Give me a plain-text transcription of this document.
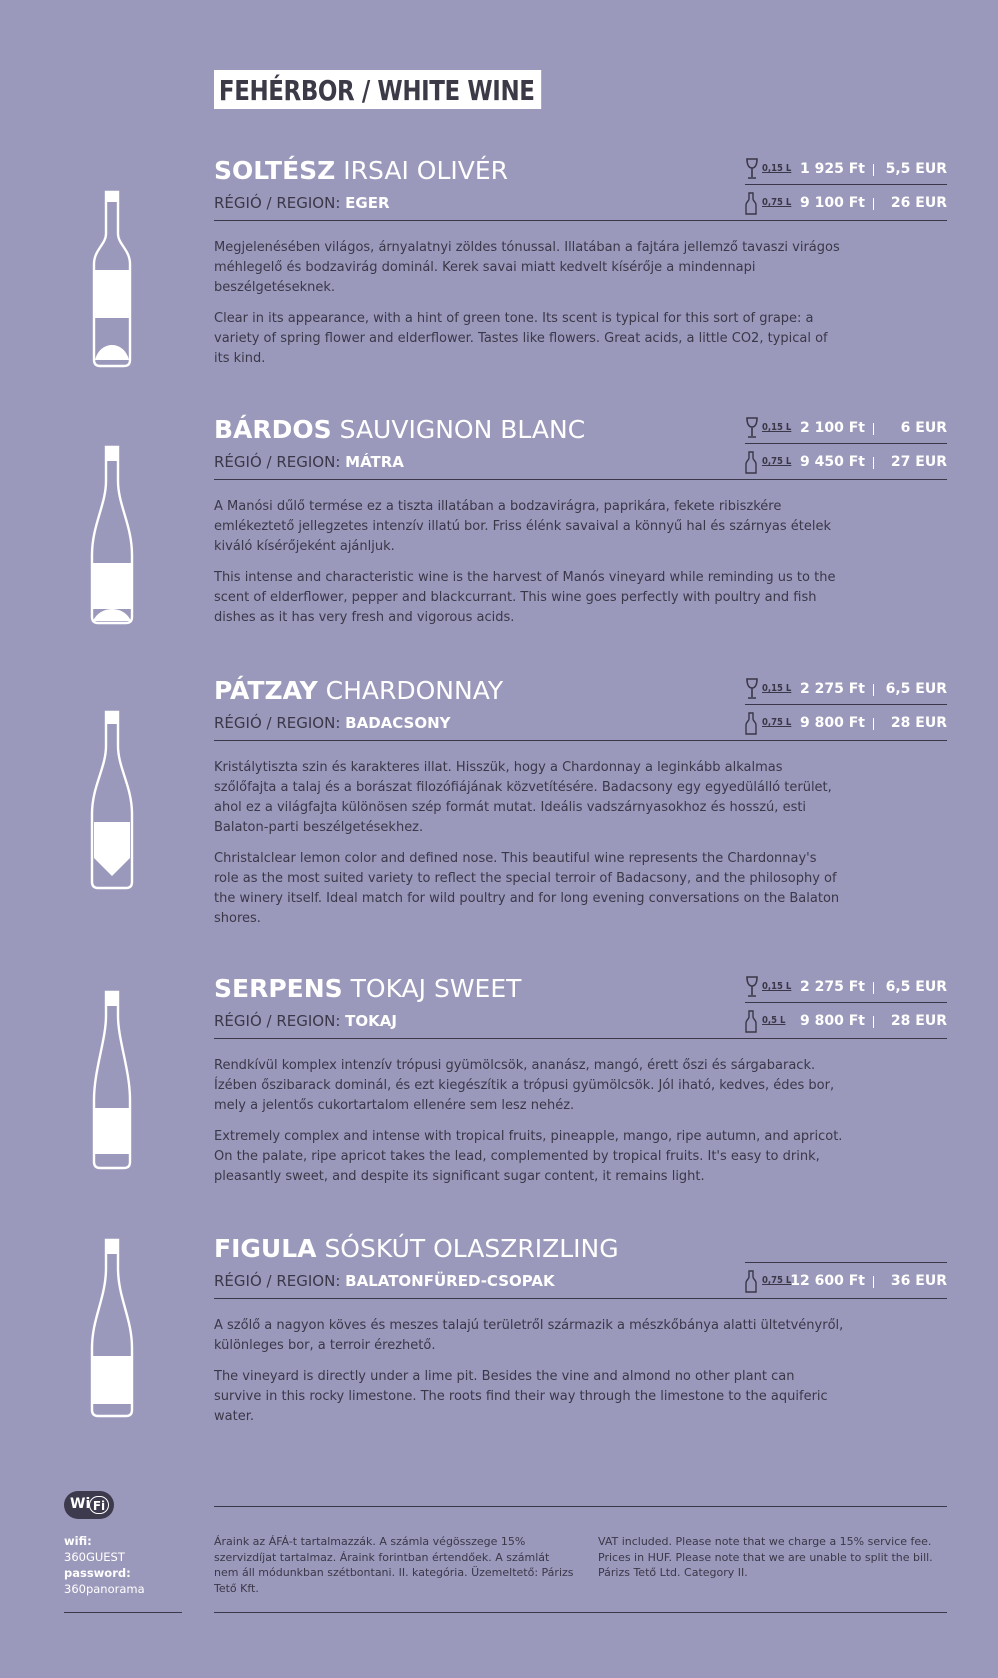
FEHÉRBOR / WHITE WINE
SOLTÉSZ IRSAI OLIVÉR
RÉGIÓ / REGION: EGER
0,15 L 1 925 Ft 5,5 EUR
0,75 L 9 100 Ft 26 EUR

Megjelenésében világos, árnyalatnyi zöldes tónussal. Illatában a fajtára jellemző tavaszi virágos méhlegelő és bodzavirág dominál. Kerek savai miatt kedvelt kísérője a mindennapi beszélgetéseknek.

Clear in its appearance, with a hint of green tone. Its scent is typical for this sort of grape: a variety of spring flower and elderflower. Tastes like flowers. Great acids, a little CO2, typical of its kind.

BÁRDOS SAUVIGNON BLANC
RÉGIÓ / REGION: MÁTRA
0,15 L 2 100 Ft	6 EUR
0,75 L 9 450 Ft 27 EUR

A Manósi dűlő termése ez a tiszta illatában a bodzavirágra, paprikára, fekete ribiszkére emlékeztető jellegzetes intenzív illatú bor. Friss élénk savaival a könnyű hal és szárnyas ételek kiváló kísérőjeként ajánljuk.

This intense and characteristic wine is the harvest of Manós vineyard while reminding us to the scent of elderflower, pepper and blackcurrant. This wine goes perfectly with poultry and fish dishes as it has very fresh and vigorous acids.

PÁTZAY CHARDONNAY
RÉGIÓ / REGION: BADACSONY
0,15 L 2 275 Ft 6,5 EUR
0,75 L 9 800 Ft 28 EUR

Kristálytiszta szin és karakteres illat. Hisszük, hogy a Chardonnay a leginkább alkalmas szőlőfajta a talaj és a borászat filozófiájának közvetítésére. Badacsony egy egyedülálló terület, ahol ez a világfajta különösen szép formát mutat. Ideális vadszárnyasokhoz és hosszú, esti Balaton-parti beszélgetésekhez.

Christalclear lemon color and defined nose. This beautiful wine represents the Chardonnay's role as the most suited variety to reflect the special terroir of Badacsony, and the philosophy of the winery itself. Ideal match for wild poultry and for long evening conversations on the Balaton shores.

SERPENS TOKAJ SWEET
RÉGIÓ / REGION: TOKAJ
0,15 L 2 275 Ft 6,5 EUR
0,5 L 9 800 Ft 28 EUR

Rendkívül komplex intenzív trópusi gyümölcsök, ananász, mangó, érett őszi és sárgabarack. Ízében őszibarack dominál, és ezt kiegészítik a trópusi gyümölcsök. Jól iható, kedves, édes bor, mely a jelentős cukortartalom ellenére sem lesz nehéz.

Extremely complex and intense with tropical fruits, pineapple, mango, ripe autumn, and apricot. On the palate, ripe apricot takes the lead, complemented by tropical fruits. It's easy to drink, pleasantly sweet, and despite its significant sugar content, it remains light.

FIGULA SÓSKÚT OLASZRIZLING
RÉGIÓ / REGION: BALATONFÜRED-CSOPAK	0,75 L
12 600 Ft 36 EUR

A szőlő a nagyon köves és meszes talajú területről származik a mészkőbánya alatti ültetvényről, különleges bor, a terroir érezhető.

The vineyard is directly under a lime pit. Besides the vine and almond no other plant can survive in this rocky limestone. The roots find their way through the limestone to the aquiferic water.

Wi Fi
wifi:
360GUEST
password:
360panorama
Áraink az ÁFÁ-t tartalmazzák. A számla végösszege 15% szervizdíjat tartalmaz. Áraink forintban értendőek. A számlát nem áll módunkban szétbontani. II. kategória. Üzemeltető: Párizs Tető Kft.
VAT included. Please note that we charge a 15% service fee. Prices in HUF. Please note that we are unable to split the bill. Párizs Tető Ltd. Category II.
